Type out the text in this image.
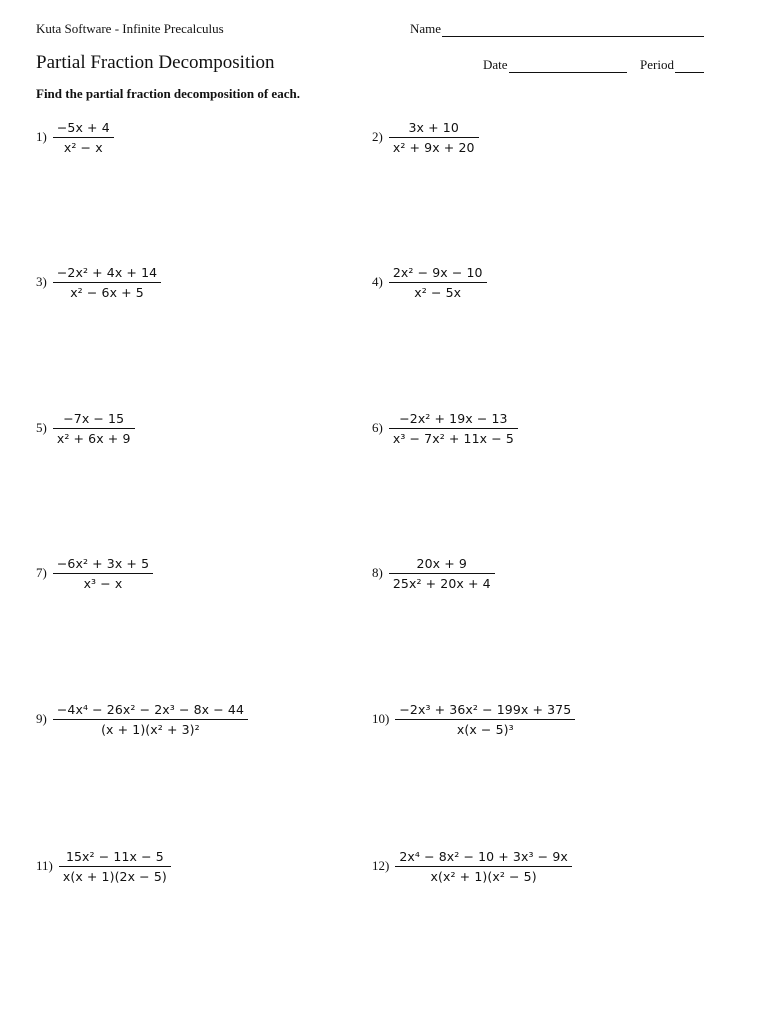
Kuta Software - Infinite Precalculus
Partial Fraction Decomposition
Name
Date	Period
Find the partial fraction decomposition of each.
$1) \frac{-5x + 4}{\text{x² − x}}$
$3) \frac{\text{−2x² + 4x + 14}}{\text{x² − 6x + 5}}$
$5) \frac{-7x - 15}{\text{x² + 6x + 9}}$
$7) \frac{\text{−6x² + 3x + 5}}{\text{x³ − x}}$
$9) \frac{\text{−4x⁴ − 26x² − 2x³ − 8x − 44}}{\text{(x + 1)(x² + 3)²}}$
$11) \frac{\text{15x² − 11x − 5}}{x(x + 1)(2x - 5)}$
$2) \frac{3x + 10}{\text{x² + 9x + 20}}$
$4) \frac{\text{2x² − 9x − 10}}{\text{x² − 5x}}$
$6) \frac{\text{−2x² + 19x − 13}}{\text{x³ − 7x² + 11x − 5}}$
$8) \frac{20x + 9}{\text{25x² + 20x + 4}}$
$10) \frac{\text{−2x³ + 36x² − 199x + 375}}{\text{x(x − 5)³}}$
$12) \frac{\text{2x⁴ − 8x² − 10 + 3x³ − 9x}}{\text{x(x² + 1)(x² − 5)}}$
